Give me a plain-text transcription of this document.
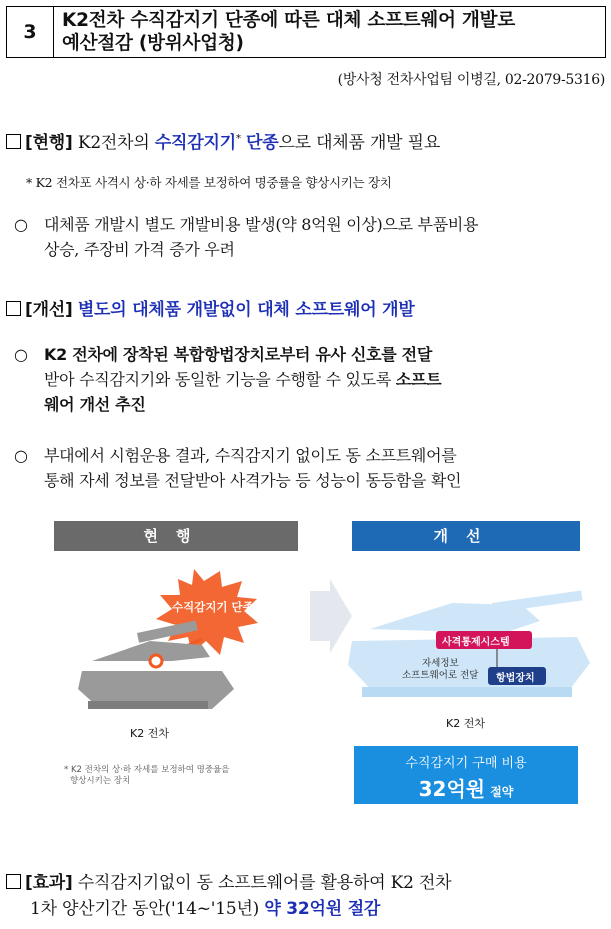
3
K2전차 수직감지기 단종에 따른 대체 소프트웨어 개발로
예산절감 (방위사업청)
(방사청 전차사업팀 이병길, 02-2079-5316)
[현행] K2전차의 수직감지기* 단종으로 대체품 개발 필요
* K2 전차포 사격시 상·하 자세를 보정하여 명중률을 향상시키는 장치
○ 대체품 개발시 별도 개발비용 발생(약 8억원 이상)으로 부품비용
상승, 주장비 가격 증가 우려
[개선] 별도의 대체품 개발없이 대체 소프트웨어 개발
○ K2 전차에 장착된 복합항법장치로부터 유사 신호를 전달
받아 수직감지기와 동일한 기능을 수행할 수 있도록 소프트
웨어 개선 추진
○ 부대에서 시험운용 결과, 수직감지기 없이도 동 소프트웨어를
통해 자세 정보를 전달받아 사격가능 등 성능이 동등함을 확인
현행	개선
수직감지기 단종*
K2 전차
* K2 전차의 상·하 자세를 보정하여 명중율을
향상시키는 장치
사격통제시스템
자세정보
소프트웨어로 전달 항법장치
K2 전차
수직감지기 구매 비용
32억원 절약
[효과] 수직감지기없이 동 소프트웨어를 활용하여 K2 전차
1차 양산기간 동안('14~'15년) 약 32억원 절감
